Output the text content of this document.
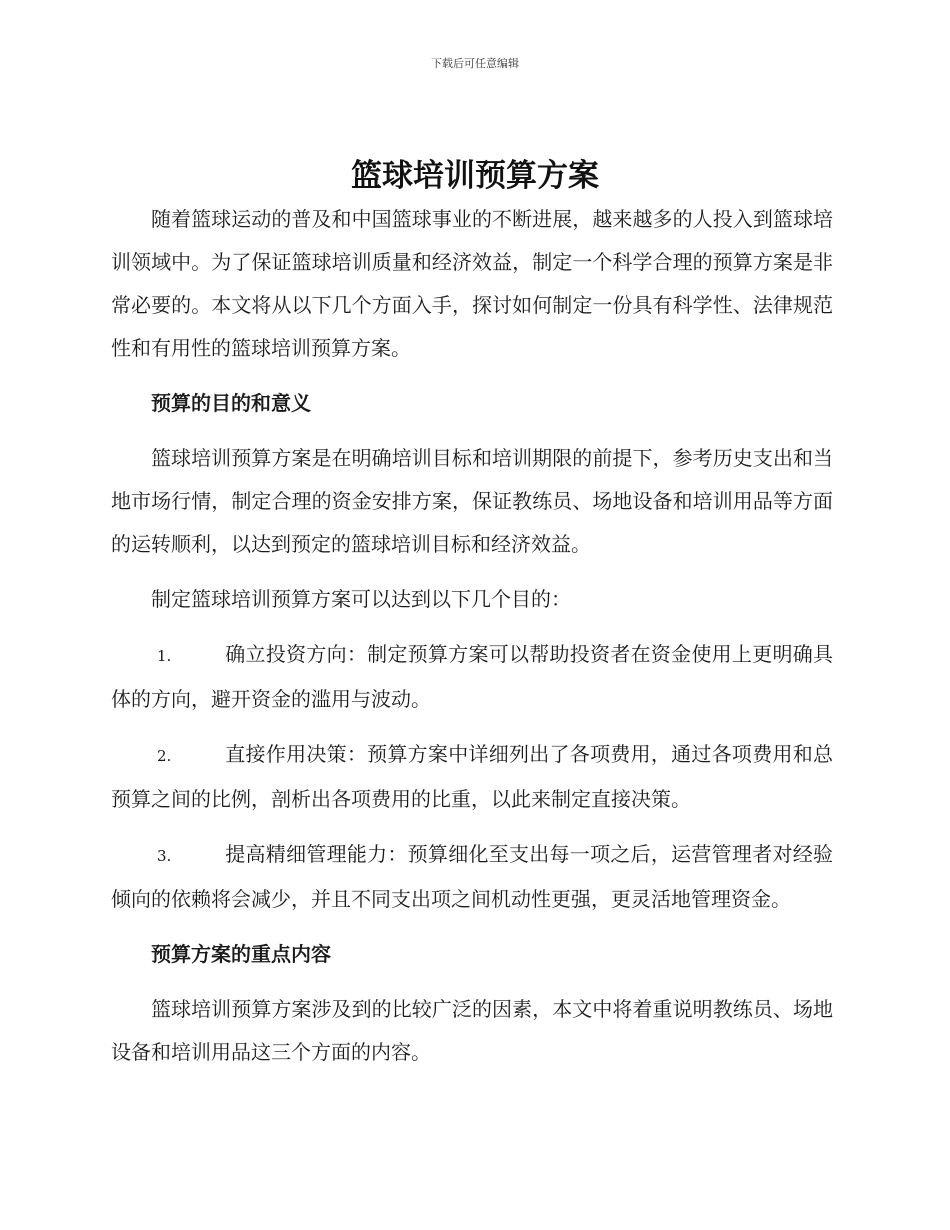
下载后可任意编辑
篮球培训预算方案

随着篮球运动的普及和中国篮球事业的不断进展，越来越多的人投入到篮球培训领域中。为了保证篮球培训质量和经济效益，制定一个科学合理的预算方案是非常必要的。本文将从以下几个方面入手，探讨如何制定一份具有科学性、法律规范性和有用性的篮球培训预算方案。

预算的目的和意义

篮球培训预算方案是在明确培训目标和培训期限的前提下，参考历史支出和当地市场行情，制定合理的资金安排方案，保证教练员、场地设备和培训用品等方面的运转顺利，以达到预定的篮球培训目标和经济效益。

制定篮球培训预算方案可以达到以下几个目的：

1.	确立投资方向：制定预算方案可以帮助投资者在资金使用上更明确具体的方向，避开资金的滥用与波动。

2.	直接作用决策：预算方案中详细列出了各项费用，通过各项费用和总预算之间的比例，剖析出各项费用的比重，以此来制定直接决策。

3.	提高精细管理能力：预算细化至支出每一项之后，运营管理者对经验倾向的依赖将会减少，并且不同支出项之间机动性更强，更灵活地管理资金。

预算方案的重点内容

篮球培训预算方案涉及到的比较广泛的因素，本文中将着重说明教练员、场地设备和培训用品这三个方面的内容。
